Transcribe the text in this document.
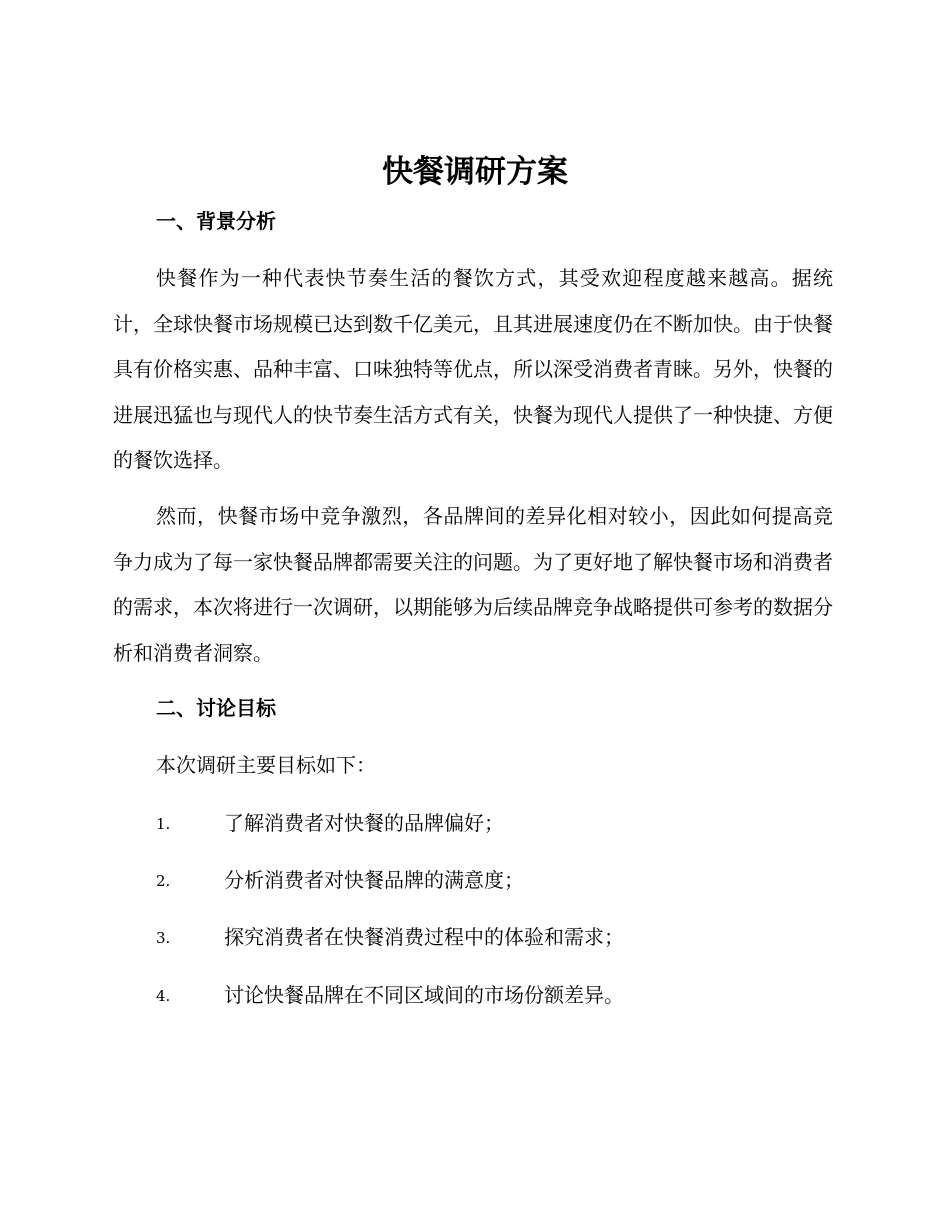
快餐调研方案
一、背景分析

快餐作为一种代表快节奏生活的餐饮方式，其受欢迎程度越来越高。据统计，全球快餐市场规模已达到数千亿美元，且其进展速度仍在不断加快。由于快餐具有价格实惠、品种丰富、口味独特等优点，所以深受消费者青睐。另外，快餐的进展迅猛也与现代人的快节奏生活方式有关，快餐为现代人提供了一种快捷、方便的餐饮选择。

然而，快餐市场中竞争激烈，各品牌间的差异化相对较小，因此如何提高竞争力成为了每一家快餐品牌都需要关注的问题。为了更好地了解快餐市场和消费者的需求，本次将进行一次调研，以期能够为后续品牌竞争战略提供可参考的数据分析和消费者洞察。

二、讨论目标

本次调研主要目标如下：

1.	了解消费者对快餐的品牌偏好；
2.	分析消费者对快餐品牌的满意度；
3.	探究消费者在快餐消费过程中的体验和需求；
4.	讨论快餐品牌在不同区域间的市场份额差异。
